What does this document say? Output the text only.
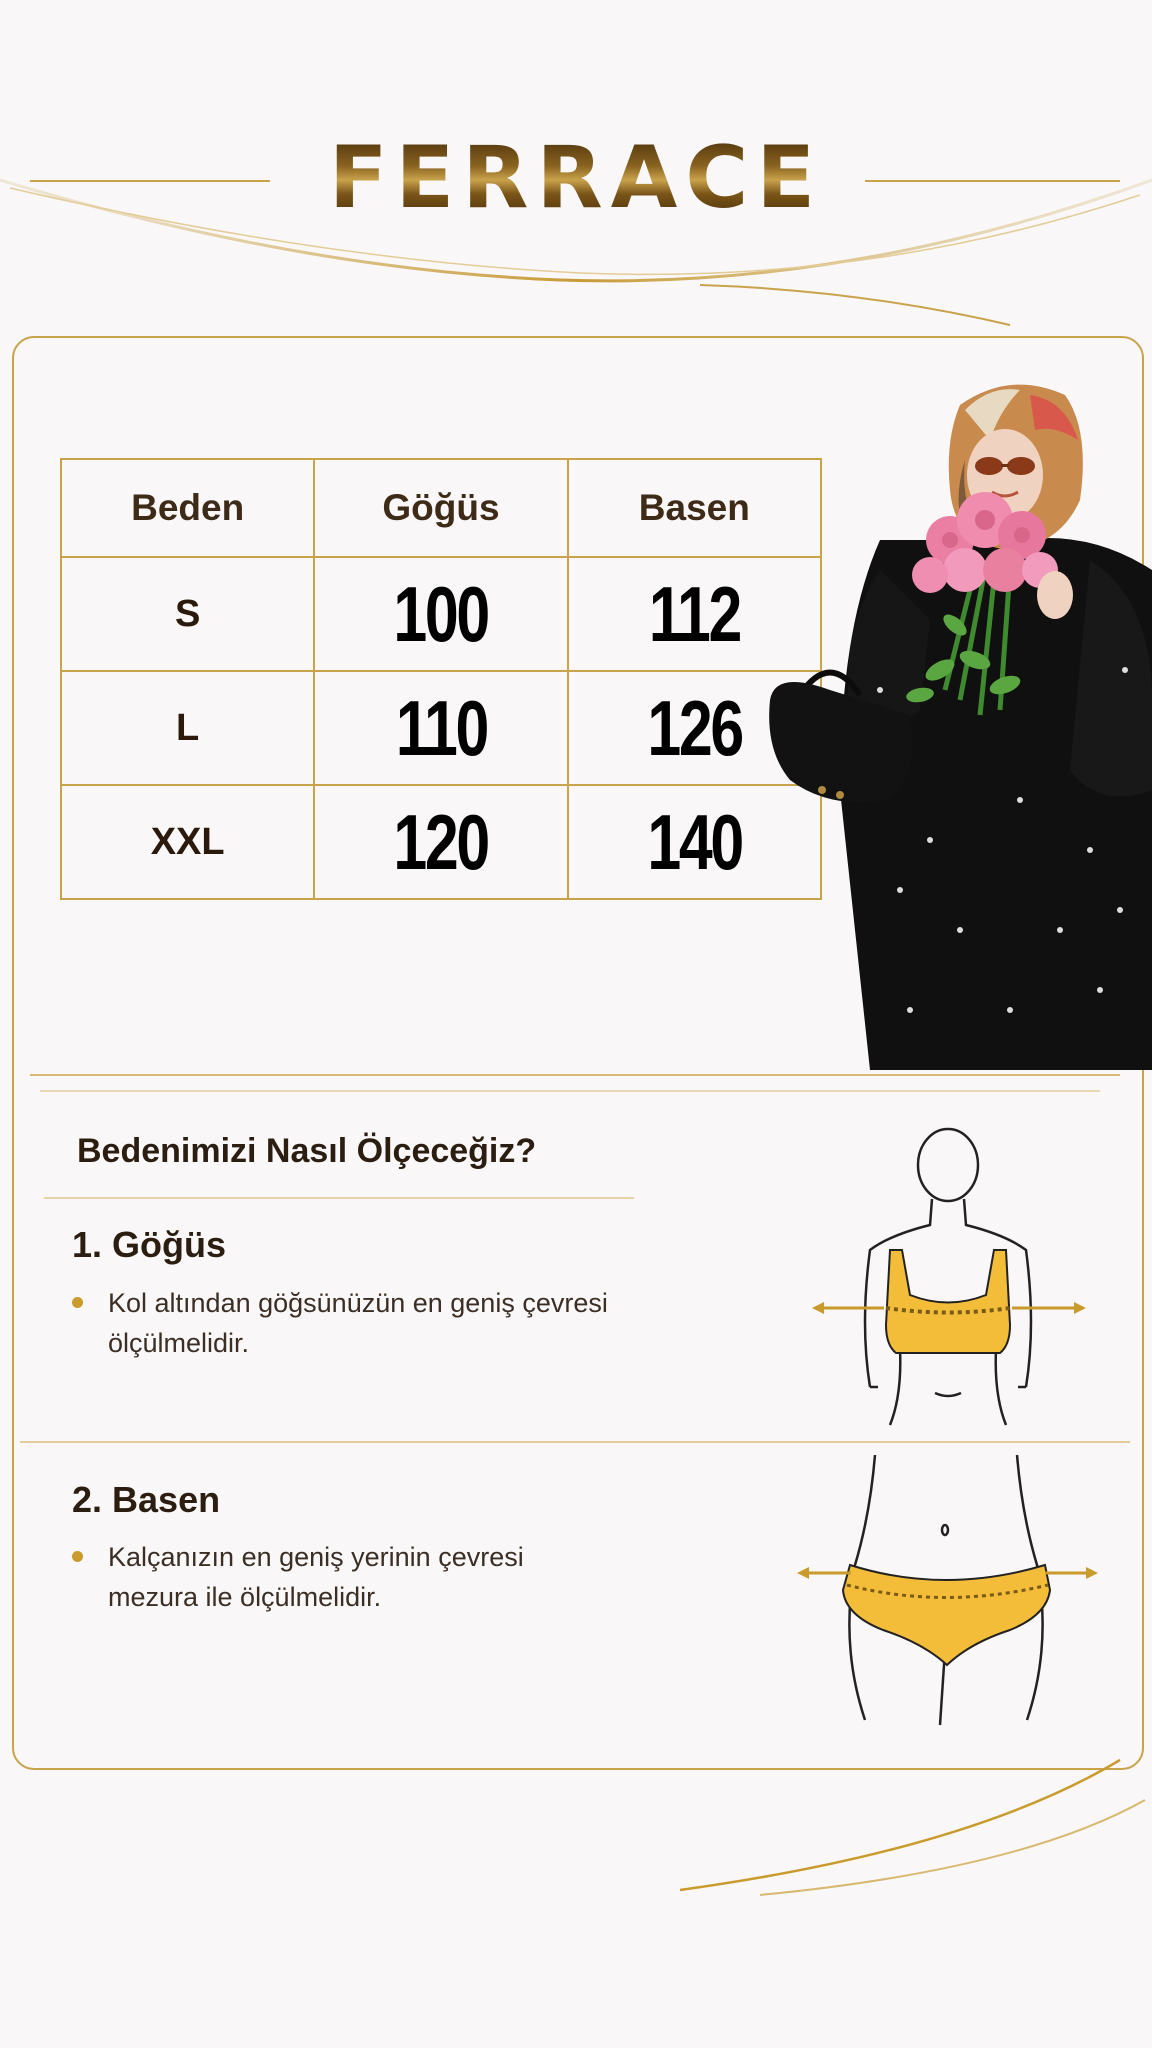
FERRACE
Beden	Göğüs	Basen
S	100	112
L	110	126
XXL	120	140
Bedenimizi Nasıl Ölçeceğiz?
1. Göğüs
Kol altından göğsünüzün en geniş çevresi
ölçülmelidir.
2. Basen
Kalçanızın en geniş yerinin çevresi
mezura ile ölçülmelidir.
